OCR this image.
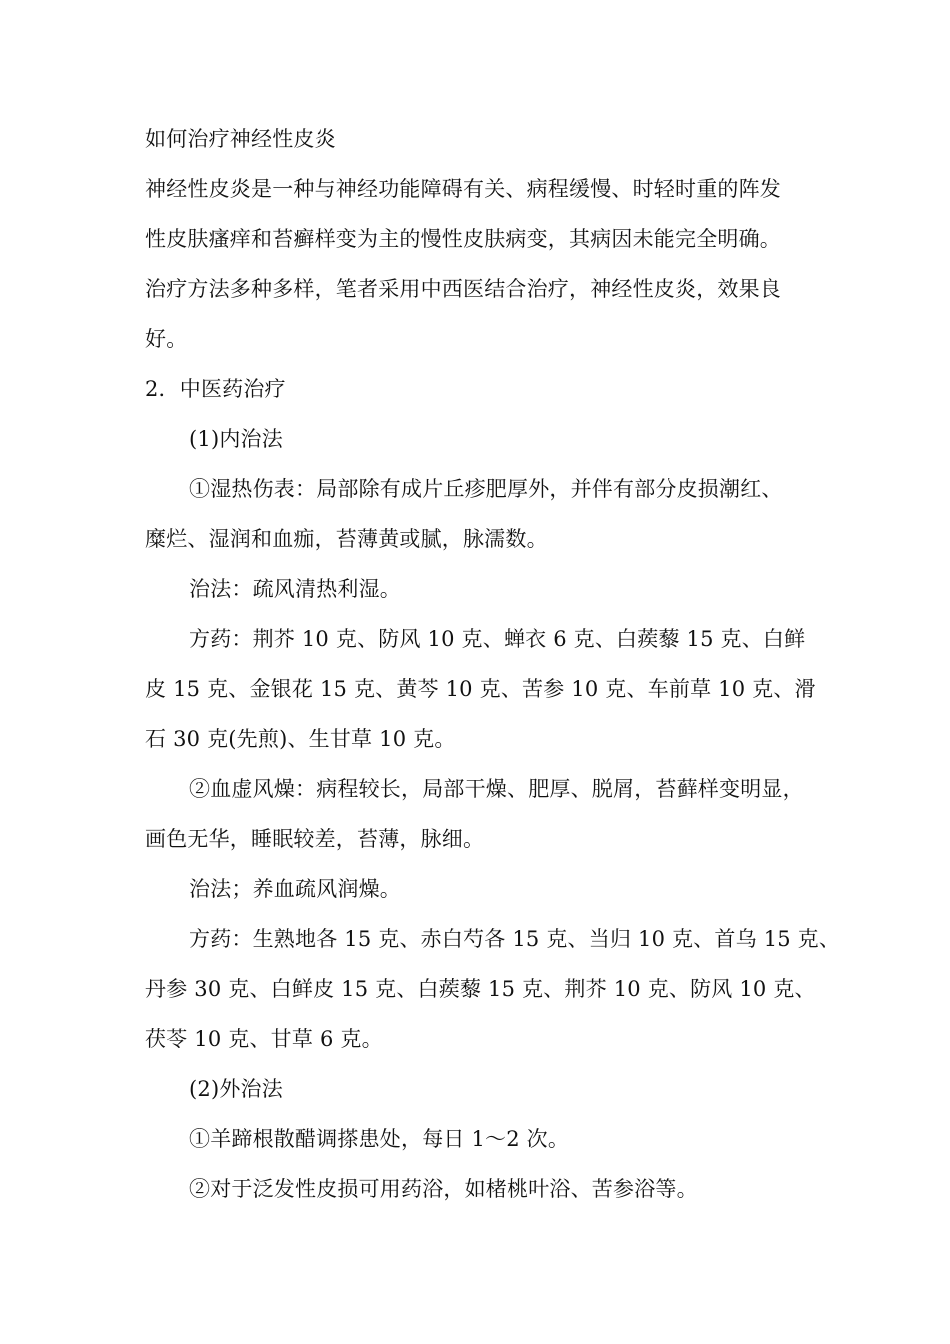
如何治疗神经性皮炎
神经性皮炎是一种与神经功能障碍有关、病程缓慢、时轻时重的阵发
性皮肤瘙痒和苔癣样变为主的慢性皮肤病变，其病因未能完全明确。
治疗方法多种多样，笔者采用中西医结合治疗，神经性皮炎，效果良
好。
2．中医药治疗
(1)内治法
①湿热伤表：局部除有成片丘疹肥厚外，并伴有部分皮损潮红、
糜烂、湿润和血痂，苔薄黄或腻，脉濡数。
治法：疏风清热利湿。
方药：荆芥 10 克、防风 10 克、蝉衣 6 克、白蒺藜 15 克、白鲜
皮 15 克、金银花 15 克、黄芩 10 克、苦参 10 克、车前草 10 克、滑
石 30 克(先煎)、生甘草 10 克。
②血虚风燥：病程较长，局部干燥、肥厚、脱屑，苔藓样变明显，
画色无华，睡眠较差，苔薄，脉细。
治法；养血疏风润燥。
方药：生熟地各 15 克、赤白芍各 15 克、当归 10 克、首乌 15 克、
丹参 30 克、白鲜皮 15 克、白蒺藜 15 克、荆芥 10 克、防风 10 克、
茯苓 10 克、甘草 6 克。
(2)外治法
①羊蹄根散醋调搽患处，每日 1～2 次。
②对于泛发性皮损可用药浴，如楮桃叶浴、苦参浴等。
